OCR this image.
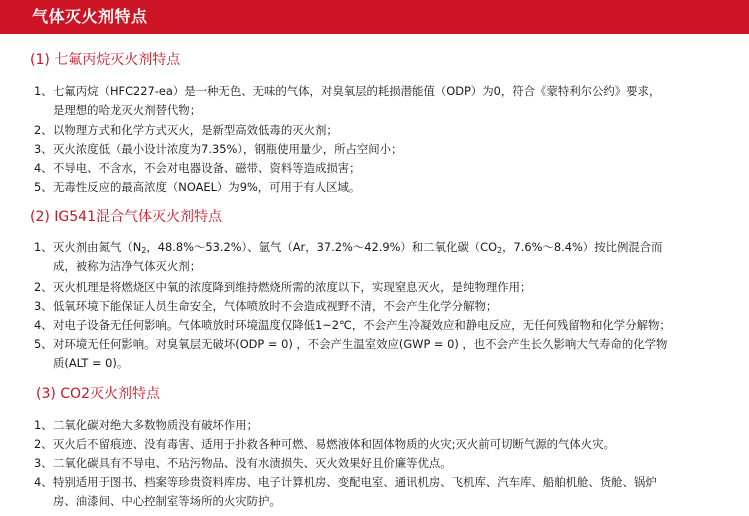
气体灭火剂特点
(1) 七氟丙烷灭火剂特点
1、七氟丙烷（HFC227-ea）是一种无色、无味的气体，对臭氧层的耗损潜能值（ODP）为0，符合《蒙特利尔公约》要求，
是理想的哈龙灭火剂替代物；
2、以物理方式和化学方式灭火，是新型高效低毒的灭火剂；
3、灭火浓度低（最小设计浓度为7.35%），钢瓶使用量少，所占空间小；
4、不导电、不含水，不会对电器设备、磁带、资料等造成损害；
5、无毒性反应的最高浓度（NOAEL）为9%，可用于有人区域。
(2) IG541混合气体灭火剂特点
1、灭火剂由氮气（$N_2$，48.8%～53.2%）、氩气（Ar，37.2%～42.9%）和二氧化碳（$CO_2$，7.6%～8.4%）按比例混合而
成，被称为洁净气体灭火剂；
2、灭火机理是将燃烧区中氧的浓度降到维持燃烧所需的浓度以下，实现窒息灭火，是纯物理作用；
3、低氧环境下能保证人员生命安全，气体喷放时不会造成视野不清，不会产生化学分解物；
4、对电子设备无任何影响。气体喷放时环境温度仅降低1~2℃，不会产生冷凝效应和静电反应，无任何残留物和化学分解物；
5、对环境无任何影响。对臭氧层无破坏(ODP = 0) ，不会产生温室效应(GWP = 0) ，也不会产生长久影响大气寿命的化学物
质(ALT = 0)。
(3) CO2灭火剂特点
1、二氧化碳对绝大多数物质没有破坏作用；
2、灭火后不留痕迹、没有毒害、适用于扑救各种可燃、易燃液体和固体物质的火灾;灭火前可切断气源的气体火灾。
3、二氧化碳具有不导电、不玷污物品、没有水渍损失、灭火效果好且价廉等优点。
4、特别适用于图书、档案等珍贵资料库房、电子计算机房、变配电室、通讯机房、飞机库、汽车库、船舶机舱、货舱、锅炉
房、油漆间、中心控制室等场所的火灾防护。
